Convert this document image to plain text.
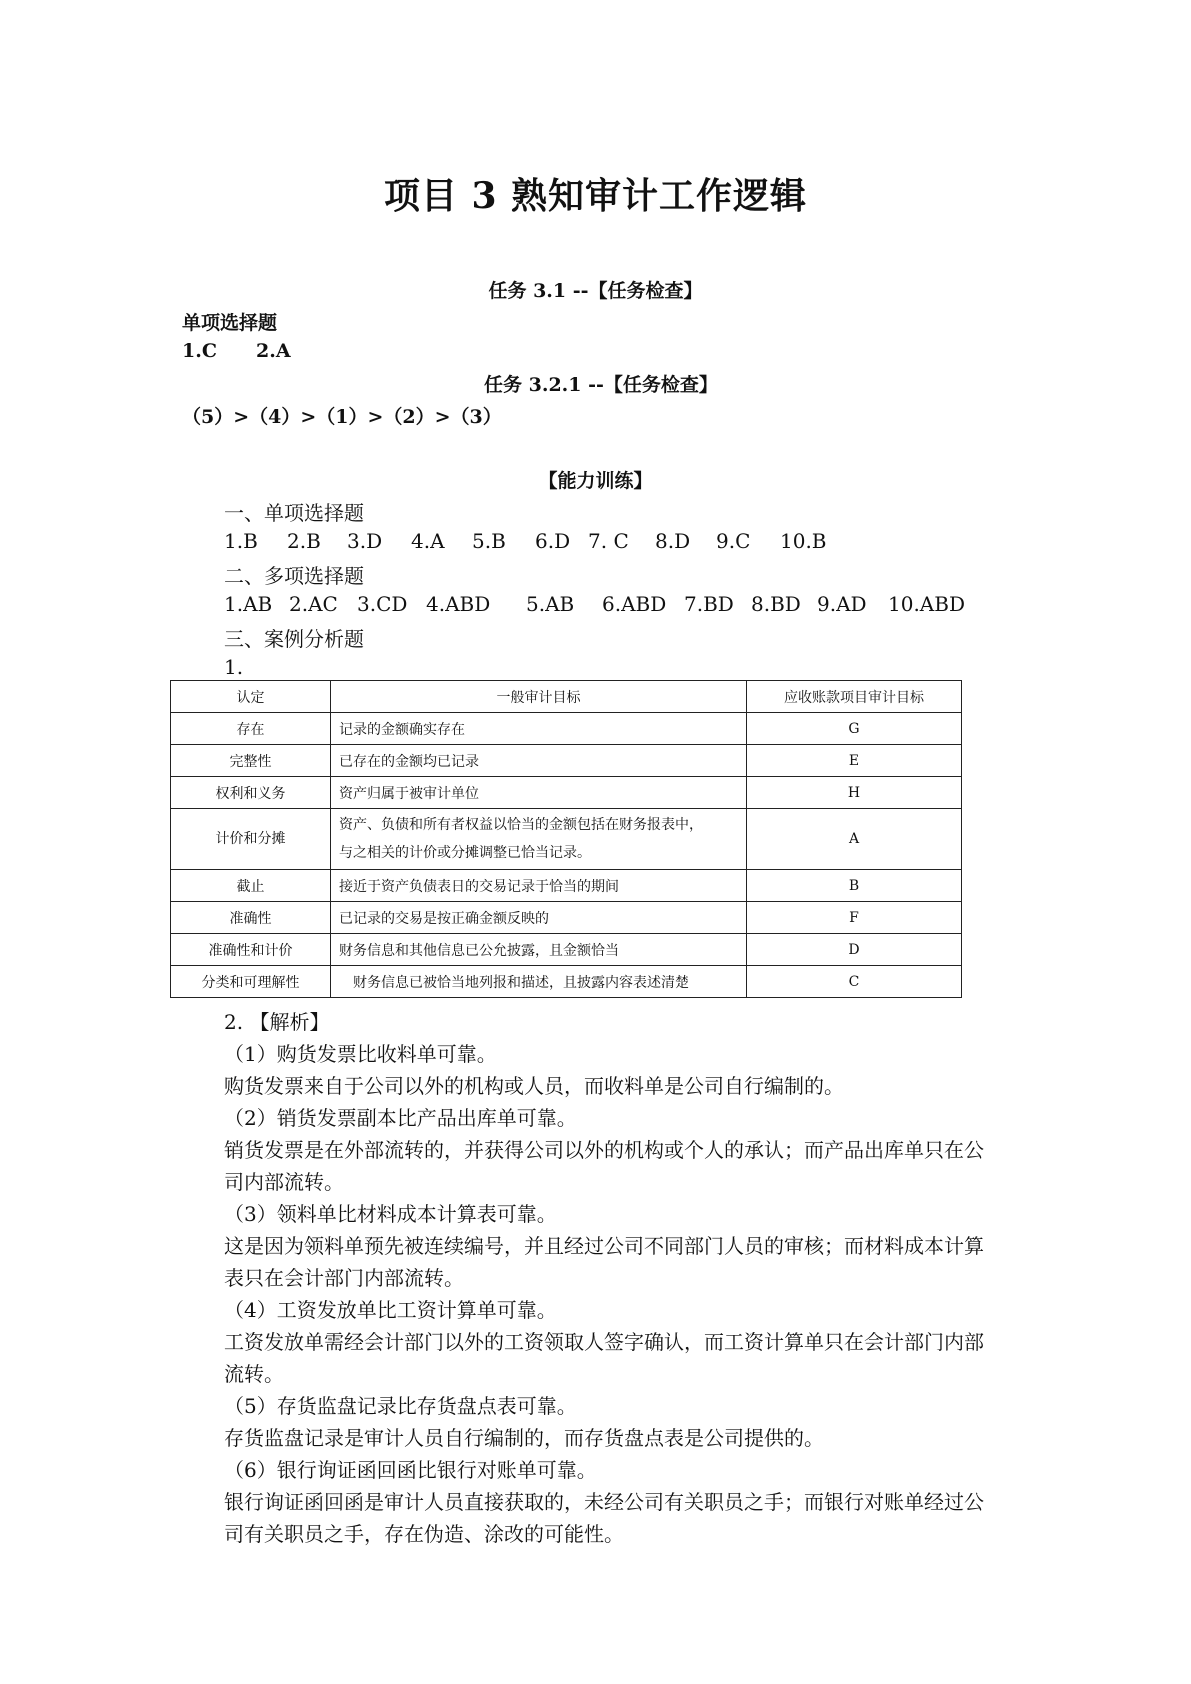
项目 3 熟知审计工作逻辑
任务 3.1 --【任务检查】
单项选择题
1.C 2.A
任务 3.2.1 --【任务检查】
（5）>（4）>（1）>（2）>（3）
【能力训练】
一、单项选择题
1.B 2.B 3.D 4.A 5.B 6.D 7. C 8.D 9.C 10.B
二、多项选择题
1.AB 2.AC 3.CD 4.ABD 5.AB 6.ABD 7.BD 8.BD 9.AD 10.ABD
三、案例分析题
1.
认定	一般审计目标	应收账款项目审计目标
存在	记录的金额确实存在	G
完整性	已存在的金额均已记录	E
权利和义务	资产归属于被审计单位	H
计价和分摊	资产、负债和所有者权益以恰当的金额包括在财务报表中，
与之相关的计价或分摊调整已恰当记录。	A
截止	接近于资产负债表日的交易记录于恰当的期间	B
准确性	已记录的交易是按正确金额反映的	F
准确性和计价	财务信息和其他信息已公允披露，且金额恰当	D
分类和可理解性	财务信息已被恰当地列报和描述，且披露内容表述清楚	C
2. 【解析】
（1）购货发票比收料单可靠。
购货发票来自于公司以外的机构或人员，而收料单是公司自行编制的。
（2）销货发票副本比产品出库单可靠。
销货发票是在外部流转的，并获得公司以外的机构或个人的承认；而产品出库单只在公
司内部流转。
（3）领料单比材料成本计算表可靠。
这是因为领料单预先被连续编号，并且经过公司不同部门人员的审核；而材料成本计算
表只在会计部门内部流转。
（4）工资发放单比工资计算单可靠。
工资发放单需经会计部门以外的工资领取人签字确认，而工资计算单只在会计部门内部
流转。
（5）存货监盘记录比存货盘点表可靠。
存货监盘记录是审计人员自行编制的，而存货盘点表是公司提供的。
（6）银行询证函回函比银行对账单可靠。
银行询证函回函是审计人员直接获取的，未经公司有关职员之手；而银行对账单经过公
司有关职员之手，存在伪造、涂改的可能性。
